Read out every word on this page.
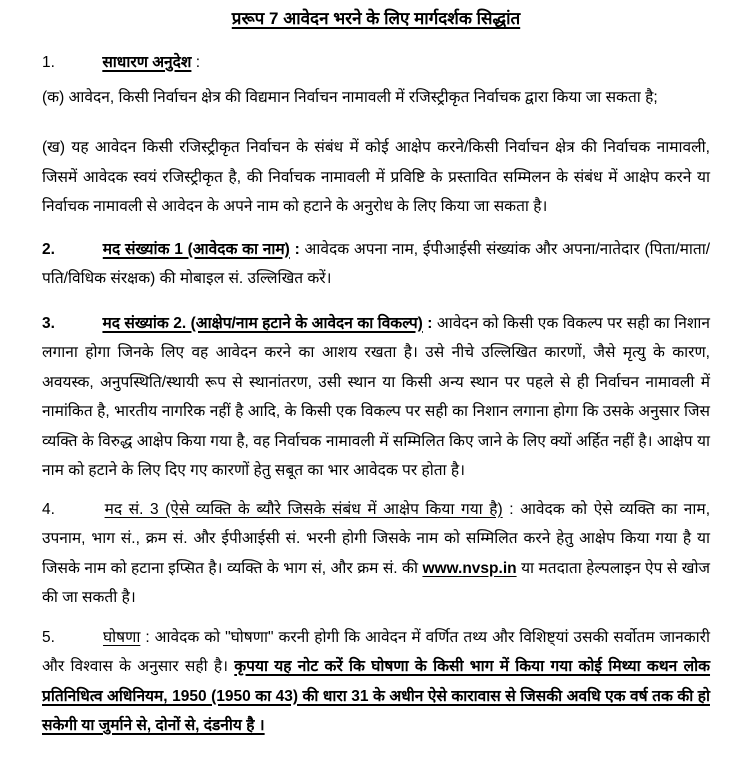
प्ररूप 7 आवेदन भरने के लिए मार्गदर्शक सिद्धांत

1.	साधारण अनुदेश :

(क) आवेदन, किसी निर्वाचन क्षेत्र की विद्यमान निर्वाचन नामावली में रजिस्ट्रीकृत निर्वाचक द्वारा किया जा सकता है;

(ख) यह आवेदन किसी रजिस्ट्रीकृत निर्वाचन के संबंध में कोई आक्षेप करने/किसी निर्वाचन क्षेत्र की निर्वाचक नामावली, जिसमें आवेदक स्वयं रजिस्ट्रीकृत है, की निर्वाचक नामावली में प्रविष्टि के प्रस्तावित सम्मिलन के संबंध में आक्षेप करने या निर्वाचक नामावली से आवेदन के अपने नाम को हटाने के अनुरोध के लिए किया जा सकता है।

2.	मद संख्यांक 1 (आवेदक का नाम) : आवेदक अपना नाम, ईपीआईसी संख्यांक और अपना/नातेदार (पिता/माता/पति/विधिक संरक्षक) की मोबाइल सं. उल्लिखित करें।

3.	मद संख्यांक 2. (आक्षेप/नाम हटाने के आवेदन का विकल्प) : आवेदन को किसी एक विकल्प पर सही का निशान लगाना होगा जिनके लिए वह आवेदन करने का आशय रखता है। उसे नीचे उल्लिखित कारणों, जैसे मृत्यु के कारण, अवयस्क, अनुपस्थिति/स्थायी रूप से स्थानांतरण, उसी स्थान या किसी अन्य स्थान पर पहले से ही निर्वाचन नामावली में नामांकित है, भारतीय नागरिक नहीं है आदि, के किसी एक विकल्प पर सही का निशान लगाना होगा कि उसके अनुसार जिस व्यक्ति के विरुद्ध आक्षेप किया गया है, वह निर्वाचक नामावली में सम्मिलित किए जाने के लिए क्यों अर्हित नहीं है। आक्षेप या नाम को हटाने के लिए दिए गए कारणों हेतु सबूत का भार आवेदक पर होता है।

4.	मद सं. 3 (ऐसे व्यक्ति के ब्यौरे जिसके संबंध में आक्षेप किया गया है) : आवेदक को ऐसे व्यक्ति का नाम, उपनाम, भाग सं., क्रम सं. और ईपीआईसी सं. भरनी होगी जिसके नाम को सम्मिलित करने हेतु आक्षेप किया गया है या जिसके नाम को हटाना इप्सित है। व्यक्ति के भाग सं, और क्रम सं. की www.nvsp.in या मतदाता हेल्पलाइन ऐप से खोज की जा सकती है।

5.	घोषणा : आवेदक को "घोषणा" करनी होगी कि आवेदन में वर्णित तथ्य और विशिष्ट्यां उसकी सर्वोतम जानकारी और विश्वास के अनुसार सही है। कृपया यह नोट करें कि घोषणा के किसी भाग में किया गया कोई मिथ्या कथन लोक प्रतिनिधित्व अधिनियम, 1950 (1950 का 43) की धारा 31 के अधीन ऐसे कारावास से जिसकी अवधि एक वर्ष तक की हो सकेगी या जुर्माने से, दोनों से, दंडनीय है ।
